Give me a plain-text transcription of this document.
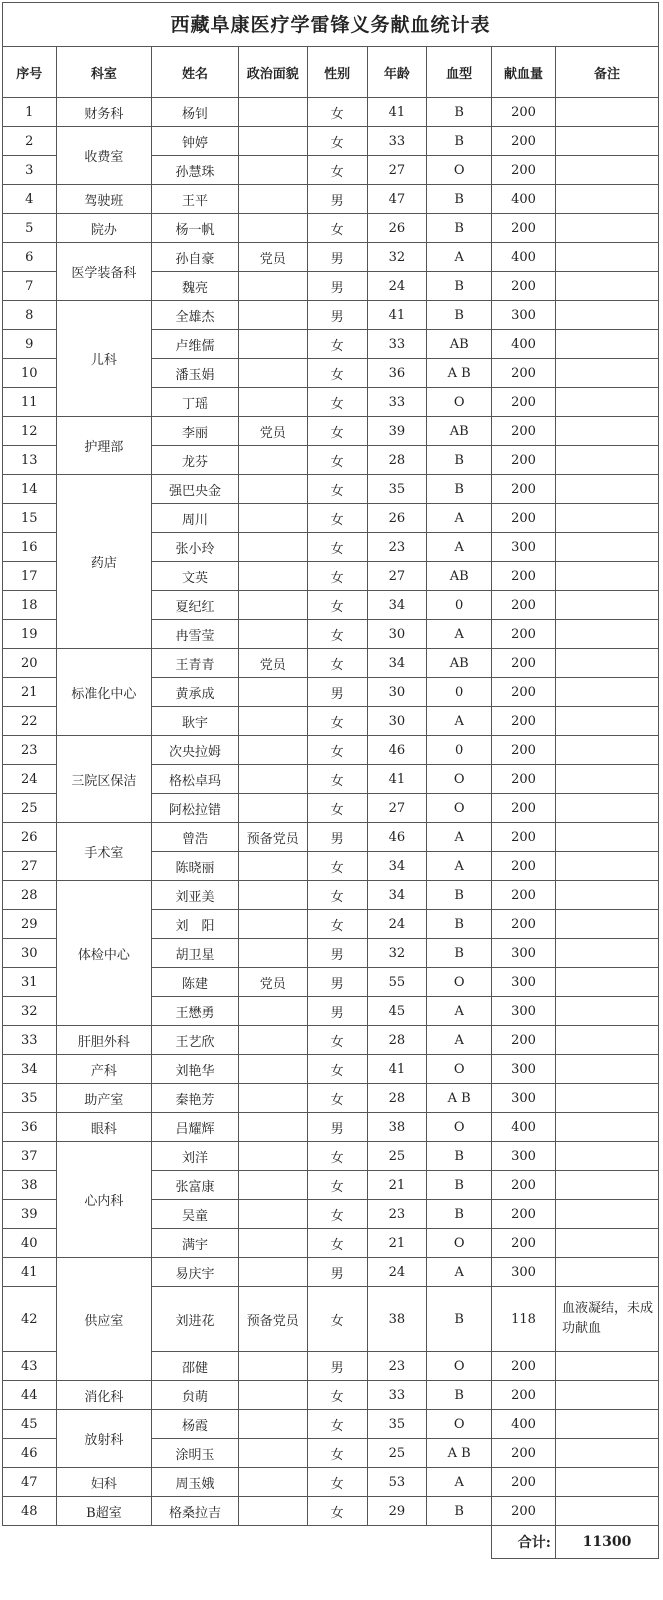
西藏阜康医疗学雷锋义务献血统计表
序号	科室	姓名	政治面貌	性别	年龄	血型	献血量	备注
1	财务科	杨钊		女	41	B	200	
2	收费室	钟婷		女	33	B	200	
3		孙慧珠		女	27	O	200	
4	驾驶班	王平		男	47	B	400	
5	院办	杨一帆		女	26	B	200	
6	医学装备科	孙自豪	党员	男	32	A	400	
7		魏亮		男	24	B	200	
8	儿科	全雄杰		男	41	B	300	
9		卢维儒		女	33	AB	400	
10		潘玉娟		女	36	A B	200	
11		丁瑶		女	33	O	200	
12	护理部	李丽	党员	女	39	AB	200	
13		龙芬		女	28	B	200	
14	药店	强巴央金		女	35	B	200	
15		周川		女	26	A	200	
16		张小玲		女	23	A	300	
17		文英		女	27	AB	200	
18		夏纪红		女	34	0	200	
19		冉雪莹		女	30	A	200	
20	标准化中心	王青青	党员	女	34	AB	200	
21		黄承成		男	30	0	200	
22		耿宇		女	30	A	200	
23	三院区保洁	次央拉姆		女	46	0	200	
24		格松卓玛		女	41	O	200	
25		阿松拉错		女	27	O	200	
26	手术室	曾浩	预备党员	男	46	A	200	
27		陈晓丽		女	34	A	200	
28	体检中心	刘亚美		女	34	B	200	
29		刘　阳		女	24	B	200	
30		胡卫星		男	32	B	300	
31		陈建	党员	男	55	O	300	
32		王懋勇		男	45	A	300	
33	肝胆外科	王艺欣		女	28	A	200	
34	产科	刘艳华		女	41	O	300	
35	助产室	秦艳芳		女	28	A B	300	
36	眼科	吕耀辉		男	38	O	400	
37	心内科	刘洋		女	25	B	300	
38		张富康		女	21	B	200	
39		吴童		女	23	B	200	
40		满宇		女	21	O	200	
41	供应室	易庆宇		男	24	A	300	
42		刘进花	预备党员	女	38	B	118	血液凝结，未成功献血
43		邵健		男	23	O	200	
44	消化科	贠萌		女	33	B	200	
45	放射科	杨霞		女	35	O	400	
46		涂明玉		女	25	A B	200	
47	妇科	周玉娥		女	53	A	200	
48	B超室	格桑拉吉		女	29	B	200	
							合计:	11300
